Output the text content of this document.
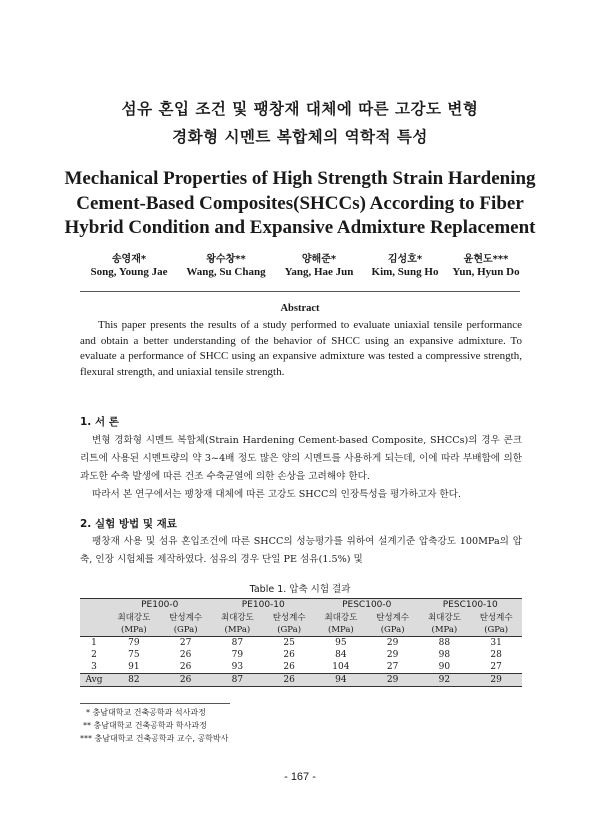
섬유 혼입 조건 및 팽창재 대체에 따른 고강도 변형
경화형 시멘트 복합체의 역학적 특성
Mechanical Properties of High Strength Strain Hardening
Cement-Based Composites(SHCCs) According to Fiber
Hybrid Condition and Expansive Admixture Replacement
송영재*
Song, Young Jae
왕수창**
Wang, Su Chang
양해준*
Yang, Hae Jun
김성호*
Kim, Sung Ho
윤현도***
Yun, Hyun Do
Abstract

This paper presents the results of a study performed to evaluate uniaxial tensile performance and obtain a better understanding of the behavior of SHCC using an expansive admixture. To evaluate a performance of SHCC using an expansive admixture was tested a compressive strength, flexural strength, and uniaxial tensile strength.

1. 서 론

변형 경화형 시멘트 복합체(Strain Hardening Cement-based Composite, SHCCs)의 경우 콘크리트에 사용된 시멘트량의 약 3~4배 정도 많은 양의 시멘트를 사용하게 되는데, 이에 따라 부배합에 의한 과도한 수축 발생에 따른 건조 수축균열에 의한 손상을 고려해야 한다.

따라서 본 연구에서는 팽창재 대체에 따른 고강도 SHCC의 인장특성을 평가하고자 한다.

2. 실험 방법 및 재료

팽창재 사용 및 섬유 혼입조건에 따른 SHCC의 성능평가를 위하여 설계기준 압축강도 100MPa의 압축, 인장 시험체를 제작하였다. 섬유의 경우 단일 PE 섬유(1.5%) 및

Table 1. 압축 시험 결과
	PE100-0		PE100-10		PESC100-0		PESC100-10	
	최대강도	탄성계수	최대강도	탄성계수	최대강도	탄성계수	최대강도	탄성계수
	(MPa)	(GPa)	(MPa)	(GPa)	(MPa)	(GPa)	(MPa)	(GPa)
1	79	27	87	25	95	29	88	31
2	75	26	79	26	84	29	98	28
3	91	26	93	26	104	27	90	27
Avg	82	26	87	26	94	29	92	29
* 충남대학교 건축공학과 석사과정
** 충남대학교 건축공학과 학사과정
*** 충남대학교 건축공학과 교수, 공학박사
- 167 -
